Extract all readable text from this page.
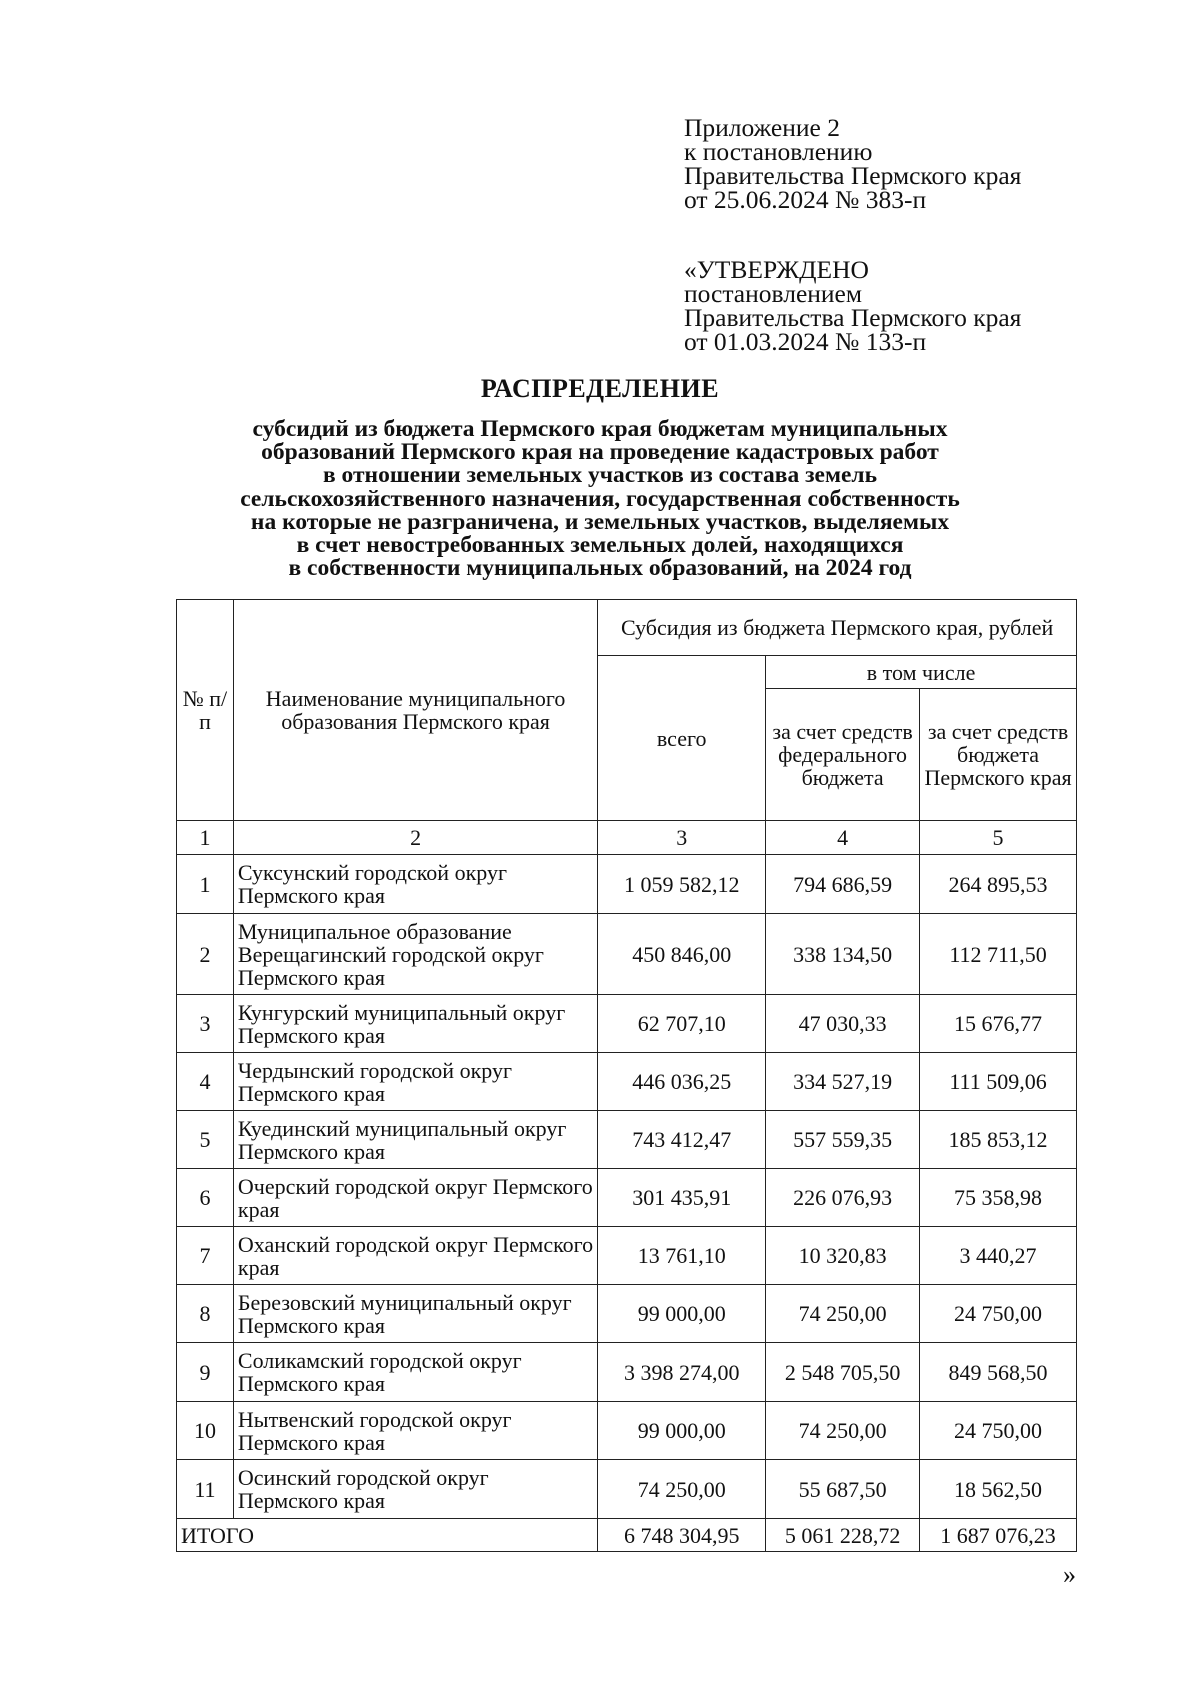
Приложение 2
к постановлению
Правительства Пермского края
от 25.06.2024 № 383-п
«УТВЕРЖДЕНО
постановлением
Правительства Пермского края
от 01.03.2024 № 133-п
РАСПРЕДЕЛЕНИЕ
субсидий из бюджета Пермского края бюджетам муниципальных
образований Пермского края на проведение кадастровых работ
в отношении земельных участков из состава земель
сельскохозяйственного назначения, государственная собственность
на которые не разграничена, и земельных участков, выделяемых
в счет невостребованных земельных долей, находящихся
в собственности муниципальных образований, на 2024 год
№ п/п	Наименование муниципального образования Пермского края	Субсидия из бюджета Пермского края, рублей		
		всего	в том числе	
			за счет средств федерального бюджета	за счет средств бюджета Пермского края
1	2	3	4	5
1	Суксунский городской округ Пермского края	1 059 582,12	794 686,59	264 895,53
2	Муниципальное образование Верещагинский городской округ Пермского края	450 846,00	338 134,50	112 711,50
3	Кунгурский муниципальный округ Пермского края	62 707,10	47 030,33	15 676,77
4	Чердынский городской округ Пермского края	446 036,25	334 527,19	111 509,06
5	Куединский муниципальный округ Пермского края	743 412,47	557 559,35	185 853,12
6	Очерский городской округ Пермского края	301 435,91	226 076,93	75 358,98
7	Оханский городской округ Пермского края	13 761,10	10 320,83	3 440,27
8	Березовский муниципальный округ Пермского края	99 000,00	74 250,00	24 750,00
9	Соликамский городской округ Пермского края	3 398 274,00	2 548 705,50	849 568,50
10	Нытвенский городской округ Пермского края	99 000,00	74 250,00	24 750,00
11	Осинский городской округ Пермского края	74 250,00	55 687,50	18 562,50
ИТОГО		6 748 304,95	5 061 228,72	1 687 076,23
»
